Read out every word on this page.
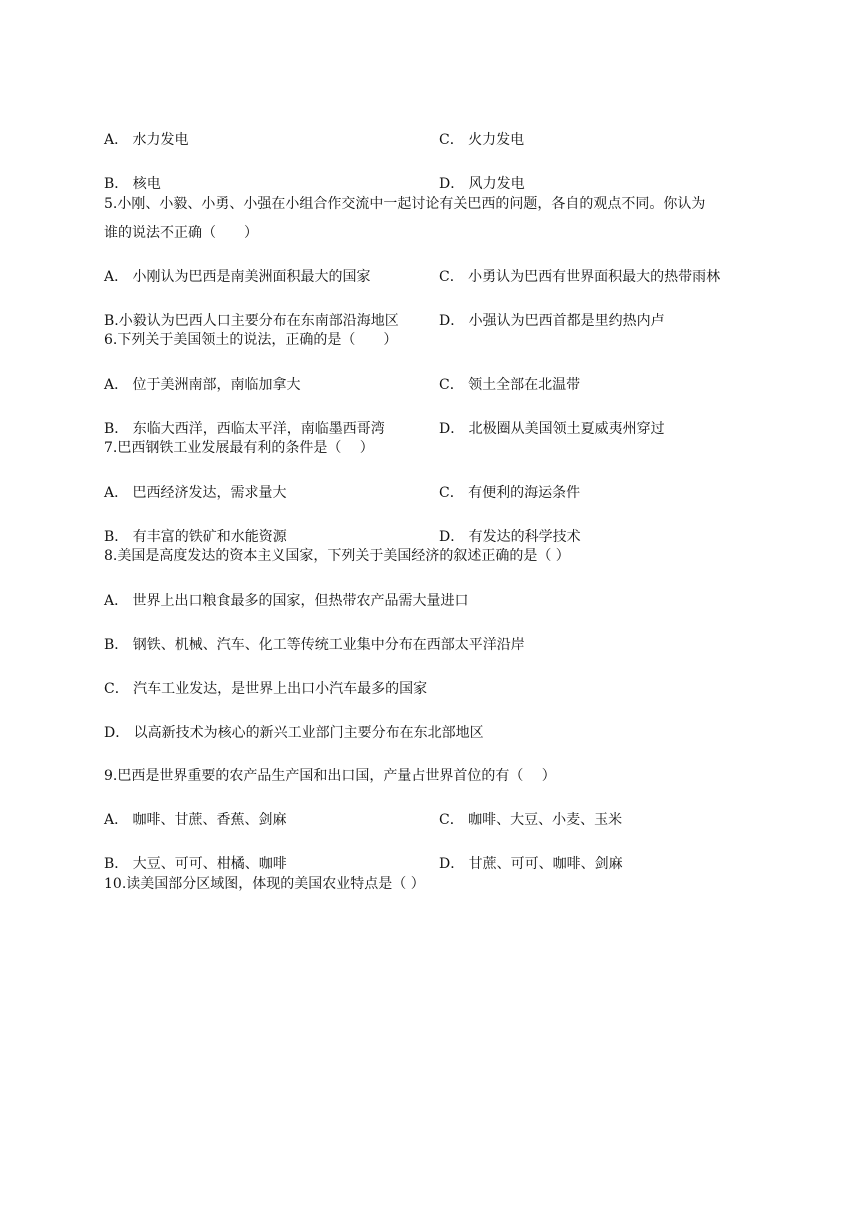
A． 水力发电	C． 火力发电
B． 核电	D． 风力发电
5.小刚、小毅、小勇、小强在小组合作交流中一起讨论有关巴西的问题，各自的观点不同。你认为
谁的说法不正确（　　）
A． 小刚认为巴西是南美洲面积最大的国家	C． 小勇认为巴西有世界面积最大的热带雨林
B.小毅认为巴西人口主要分布在东南部沿海地区	D． 小强认为巴西首都是里约热内卢
6.下列关于美国领土的说法，正确的是（　　）
A． 位于美洲南部，南临加拿大	C． 领土全部在北温带
B． 东临大西洋，西临太平洋，南临墨西哥湾	D． 北极圈从美国领土夏威夷州穿过
7.巴西钢铁工业发展最有利的条件是（　 ）
A． 巴西经济发达，需求量大	C． 有便利的海运条件
B． 有丰富的铁矿和水能资源	D． 有发达的科学技术
8.美国是高度发达的资本主义国家，下列关于美国经济的叙述正确的是（ ）
A． 世界上出口粮食最多的国家，但热带农产品需大量进口
B． 钢铁、机械、汽车、化工等传统工业集中分布在西部太平洋沿岸
C． 汽车工业发达，是世界上出口小汽车最多的国家
D． 以高新技术为核心的新兴工业部门主要分布在东北部地区
9.巴西是世界重要的农产品生产国和出口国，产量占世界首位的有（　 ）
A． 咖啡、甘蔗、香蕉、剑麻	C． 咖啡、大豆、小麦、玉米
B． 大豆、可可、柑橘、咖啡	D． 甘蔗、可可、咖啡、剑麻
10.读美国部分区域图，体现的美国农业特点是（ ）
